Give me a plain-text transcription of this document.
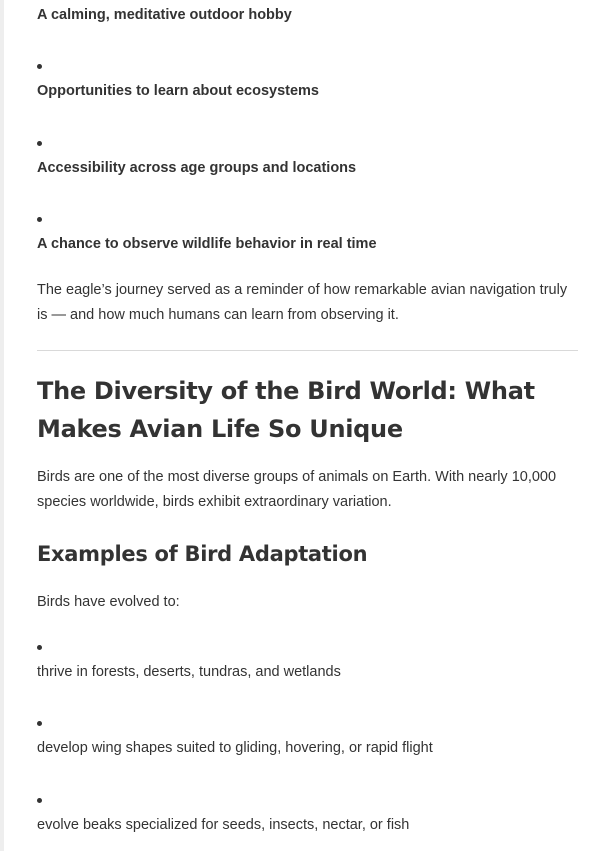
A calming, meditative outdoor hobby
Opportunities to learn about ecosystems
Accessibility across age groups and locations
A chance to observe wildlife behavior in real time

The eagle’s journey served as a reminder of how remarkable avian navigation truly is — and how much humans can learn from observing it.

The Diversity of the Bird World: What Makes Avian Life So Unique

Birds are one of the most diverse groups of animals on Earth. With nearly 10,000 species worldwide, birds exhibit extraordinary variation.

Examples of Bird Adaptation
Birds have evolved to:
thrive in forests, deserts, tundras, and wetlands
develop wing shapes suited to gliding, hovering, or rapid flight
evolve beaks specialized for seeds, insects, nectar, or fish
